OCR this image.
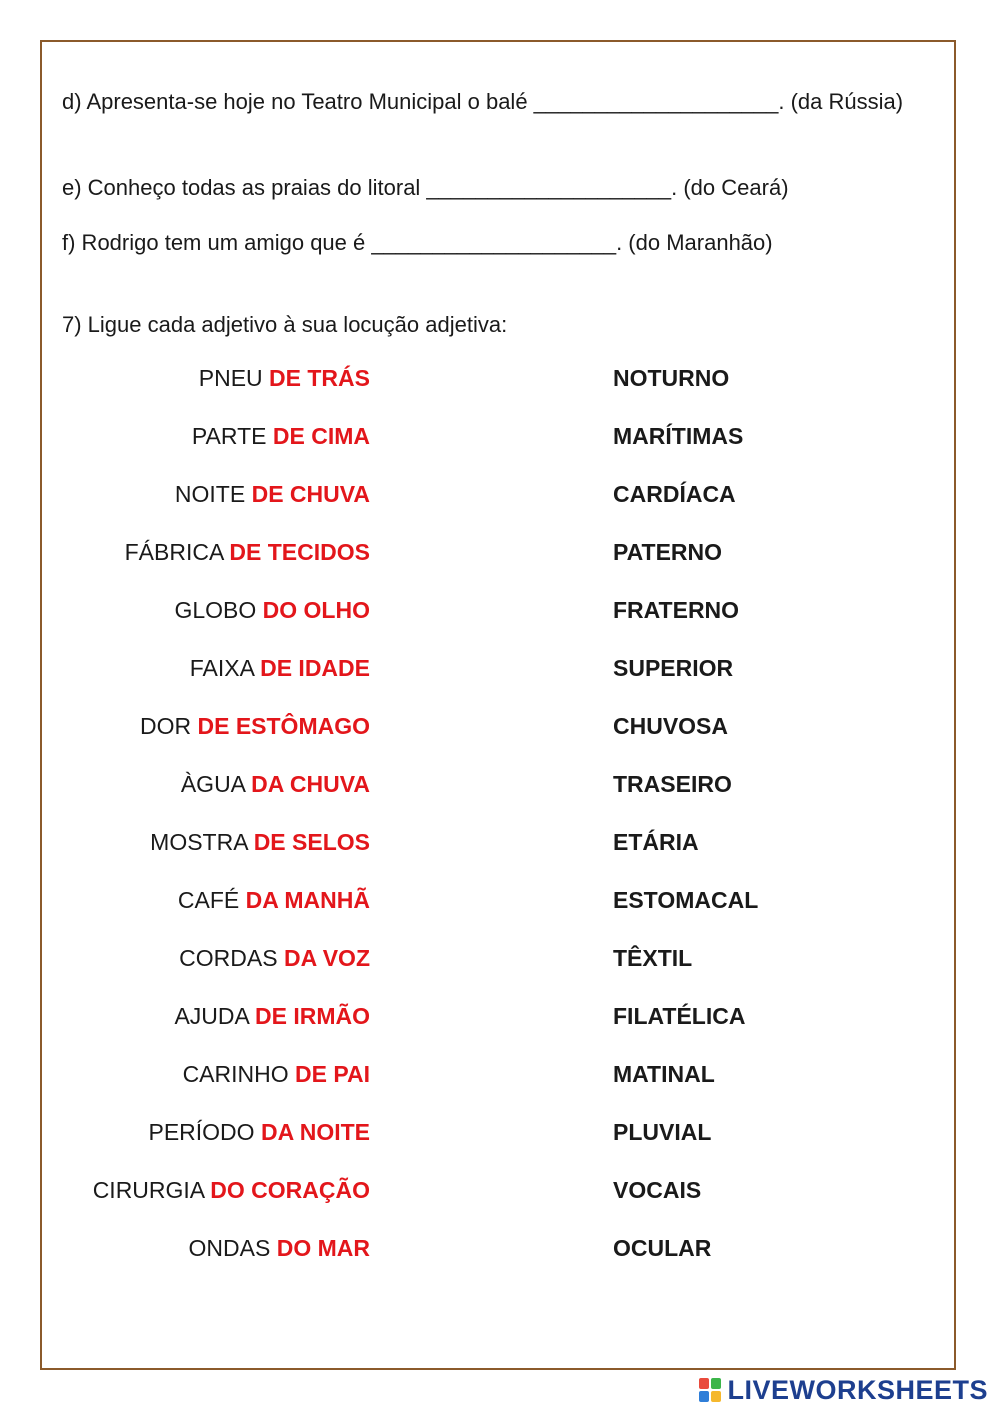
d) Apresenta-se hoje no Teatro Municipal o balé ____________________. (da Rússia)
e) Conheço todas as praias do litoral ____________________. (do Ceará)
f) Rodrigo tem um amigo que é ____________________. (do Maranhão)
7) Ligue cada adjetivo à sua locução adjetiva:
PNEU DE TRÁS
PARTE DE CIMA
NOITE DE CHUVA
FÁBRICA DE TECIDOS
GLOBO DO OLHO
FAIXA DE IDADE
DOR DE ESTÔMAGO
ÀGUA DA CHUVA
MOSTRA DE SELOS
CAFÉ DA MANHÃ
CORDAS DA VOZ
AJUDA DE IRMÃO
CARINHO DE PAI
PERÍODO DA NOITE
CIRURGIA DO CORAÇÃO
ONDAS DO MAR
NOTURNO
MARÍTIMAS
CARDÍACA
PATERNO
FRATERNO
SUPERIOR
CHUVOSA
TRASEIRO
ETÁRIA
ESTOMACAL
TÊXTIL
FILATÉLICA
MATINAL
PLUVIAL
VOCAIS
OCULAR
LIVEWORKSHEETS
